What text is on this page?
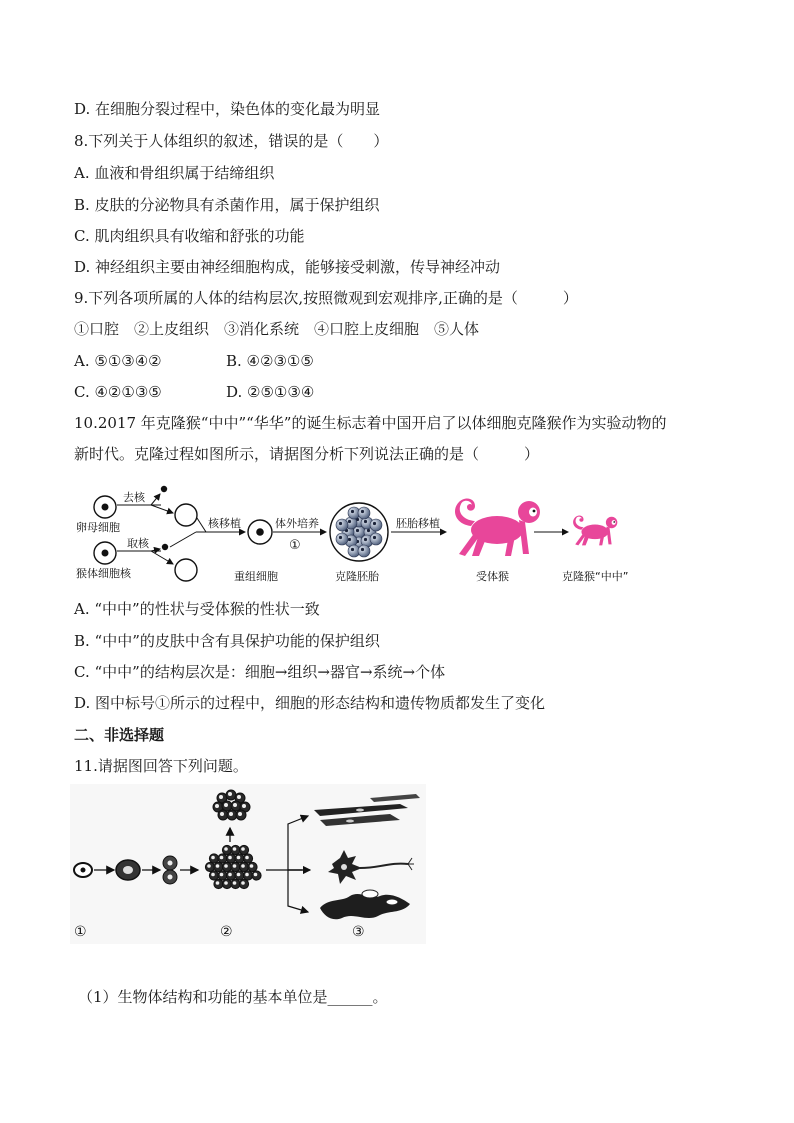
D. 在细胞分裂过程中，染色体的变化最为明显
8.下列关于人体组织的叙述，错误的是（　　）
A. 血液和骨组织属于结缔组织
B. 皮肤的分泌物具有杀菌作用，属于保护组织
C. 肌肉组织具有收缩和舒张的功能
D. 神经组织主要由神经细胞构成，能够接受刺激，传导神经冲动
9.下列各项所属的人体的结构层次,按照微观到宏观排序,正确的是（　　　）
①口腔　②上皮组织　③消化系统　④口腔上皮细胞　⑤人体
A. ⑤①③④②	B. ④②③①⑤
C. ④②①③⑤	D. ②⑤①③④
10.2017 年克隆猴“中中”“华华”的诞生标志着中国开启了以体细胞克隆猴作为实验动物的
新时代。克隆过程如图所示，请据图分析下列说法正确的是（　　　）
卵母细胞
去核
猴体细胞核
取核
核移植
重组细胞
体外培养
①
克隆胚胎
胚胎移植
受体猴	克隆猴“中中”
A. “中中”的性状与受体猴的性状一致
B. “中中”的皮肤中含有具保护功能的保护组织
C. “中中”的结构层次是：细胞→组织→器官→系统→个体
D. 图中标号①所示的过程中，细胞的形态结构和遗传物质都发生了变化
二、非选择题
11.请据图回答下列问题。
①	②	③
（1）生物体结构和功能的基本单位是______。
